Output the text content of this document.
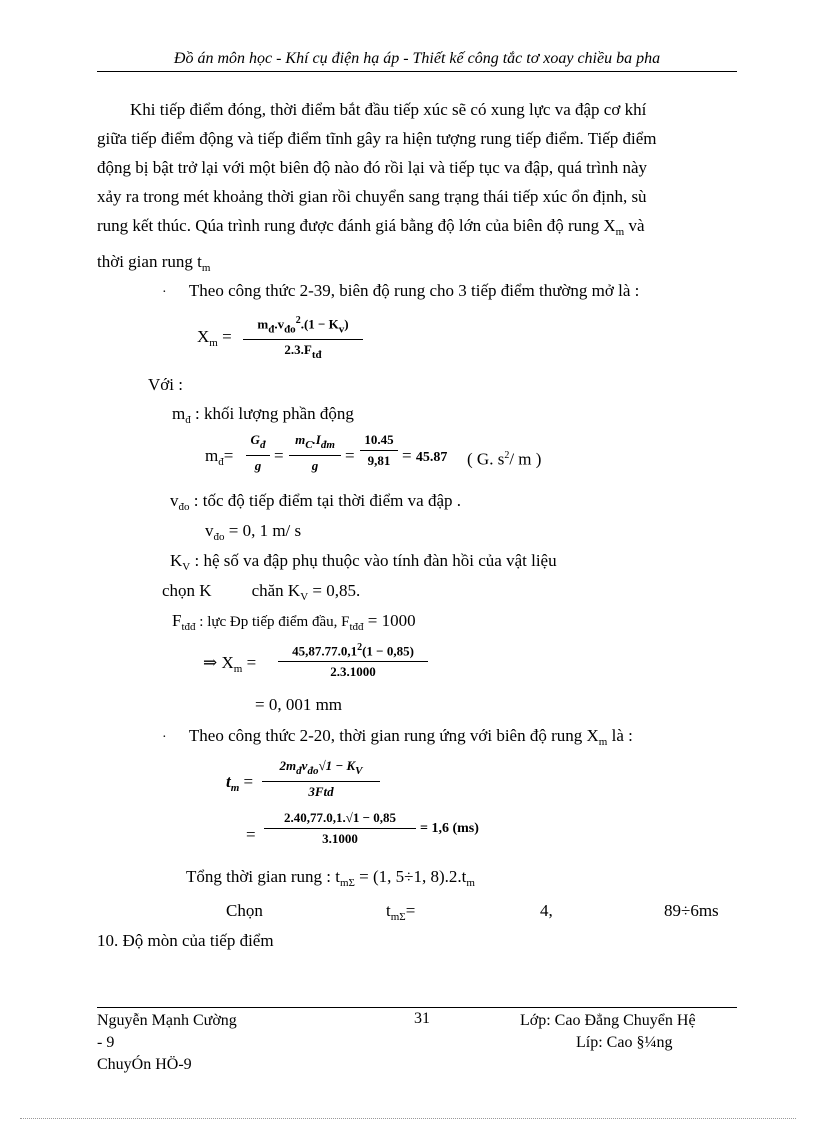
Đồ án môn học - Khí cụ điện hạ áp - Thiết kế công tắc tơ xoay chiều ba pha
Khi tiếp điểm đóng, thời điểm bắt đầu tiếp xúc sẽ có xung lực va đập cơ khí
giữa tiếp điểm động và tiếp điểm tĩnh gây ra hiện tượng rung tiếp điểm. Tiếp điểm
động bị bật trở lại với một biên độ nào đó rồi lại và tiếp tục va đập, quá trình này
xảy ra trong mét khoảng thời gian rồi chuyển sang trạng thái tiếp xúc ổn định, sù
rung kết thúc. Qúa trình rung được đánh giá bằng độ lớn của biên độ rung $X_m$ và
thời gian rung $t_m$
· Theo công thức 2-39, biên độ rung cho 3 tiếp điểm thường mở là :
$X_m$ =
$m_đ.v_{đo}^2.(1 - K_v)$
$2.3.F_{tđ}$
Với :
$m_đ$ : khối lượng phần động
$m_đ=$
$G_đ$
g
=
$m_C.I_{đm}$
g
=
10.45
9,81 = 45.87 ( G. $s^2/$ m )
$v_{đo}$ : tốc độ tiếp điểm tại thời điểm va đập .
$v_{đo} = 0$, 1 m/ s
$K_V$ : hệ số va đập phụ thuộc vào tính đàn hồi của vật liệu
chọn K chăn $K_V = 0,85$.
$F_{tđđ}$ : lực Đp tiếp điểm đầu, $F_{tđđ} = 1000$
⇒ $X_m$ =
$45,87.77.0,1^2(1 - 0,85)$
2.3.1000
= 0, 001 mm
· Theo công thức 2-20, thời gian rung ứng với biên độ rung $X_m$ là :
$t_m$ =
$2m_đv_{đo}√1 - K_V$
3Ftd
=
2.40,77.0,1.√1 − 0,85
3.1000
= 1,6 (ms)
Tổng thời gian rung : $t_{m\Sigma} = (1$, 5÷1, $8).2.t_m$
Chọn	$t_{m\Sigma}=$	4,	89÷6ms
10. Độ mòn của tiếp điểm
Nguyễn Mạnh Cường
- 9
ChuyÓn HÖ-9
31	Lớp: Cao Đẳng Chuyển Hệ
Líp: Cao §¼ng
